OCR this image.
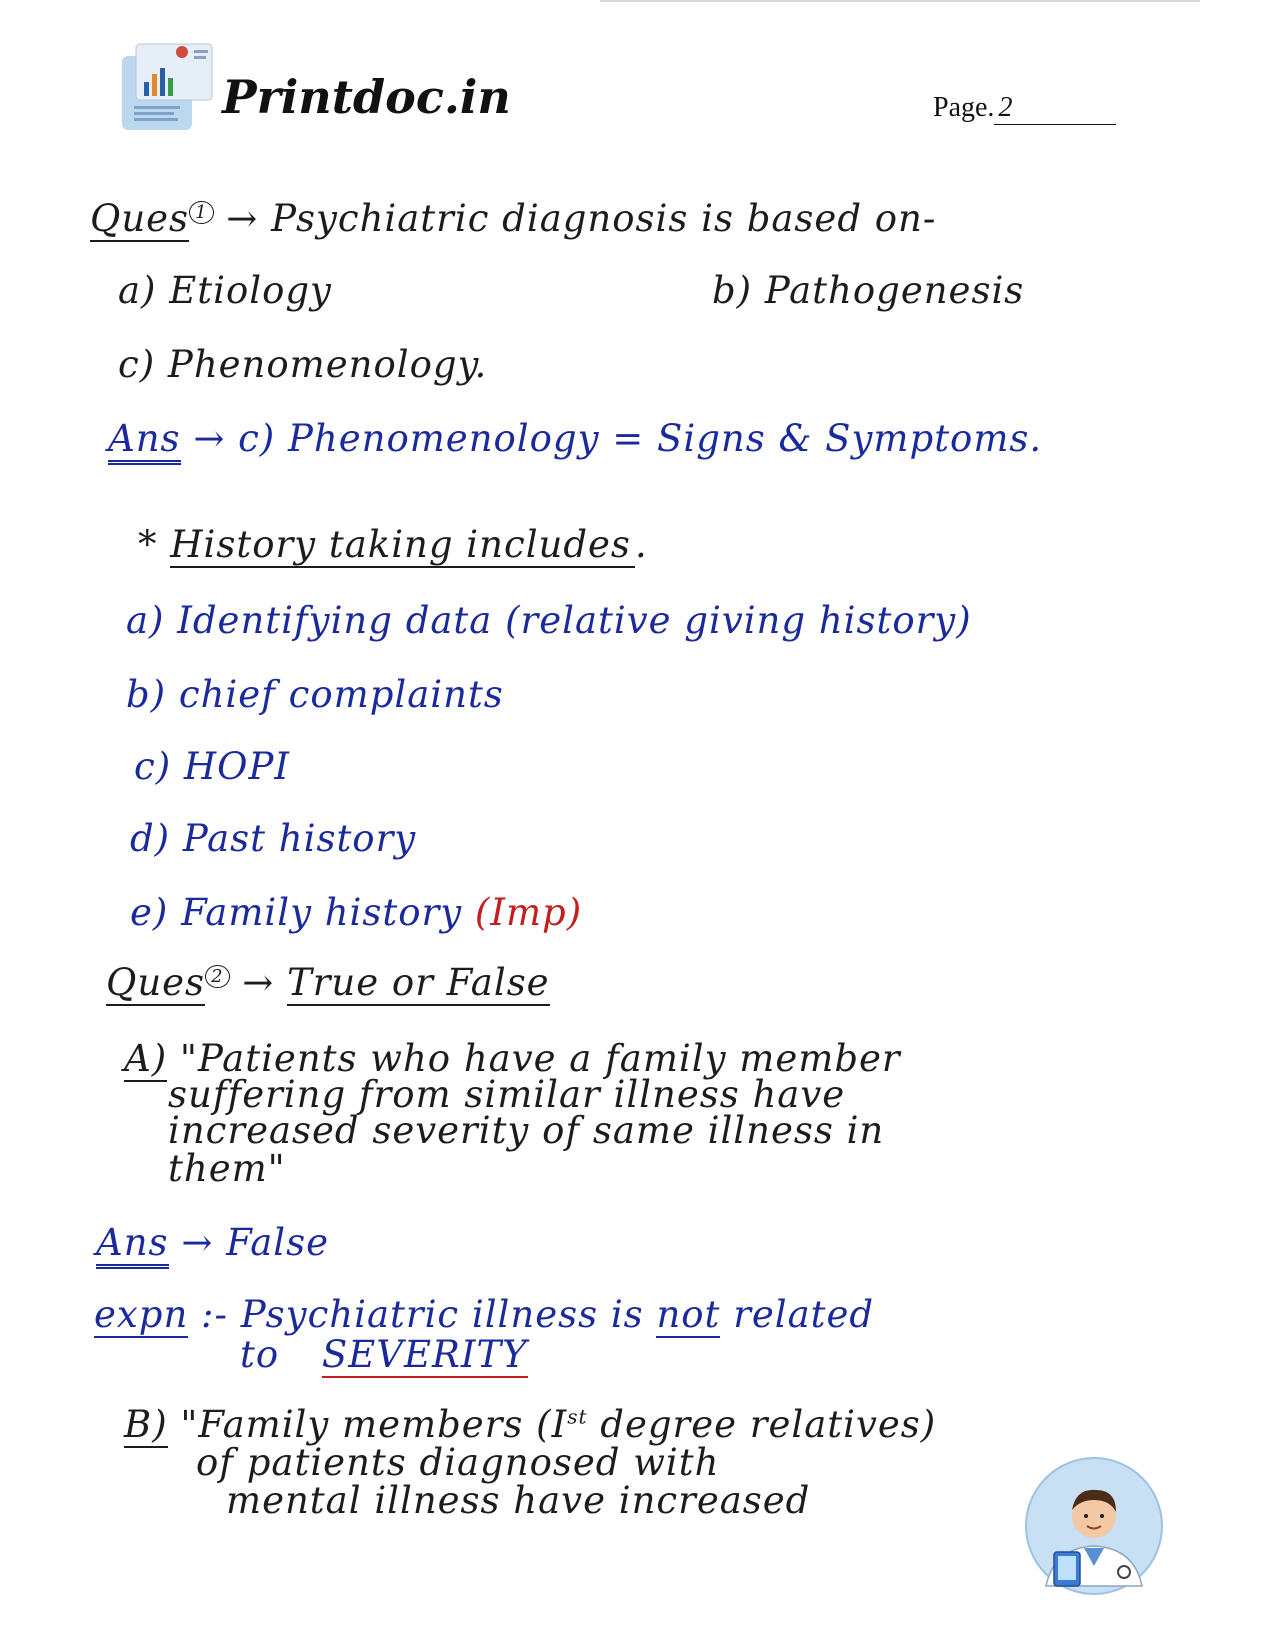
Printdoc.in	Page. 2
Ques $^1$ → Psychiatric diagnosis is based on-
a) Etiology	b) Pathogenesis
c) Phenomenology.
Ans → c) Phenomenology = Signs & Symptoms.
* History taking includes .
a) Identifying data (relative giving history)
b) chief complaints
c) HOPI
d) Past history
e) Family history (Imp)
Ques $^2$ → True or False
A) "Patients who have a family member
suffering from similar illness have
increased severity of same illness in
them"
Ans → False
expn :- Psychiatric illness is not related
to SEVERITY
B) "Family members (Ist degree relatives)
of patients diagnosed with
mental illness have increased
